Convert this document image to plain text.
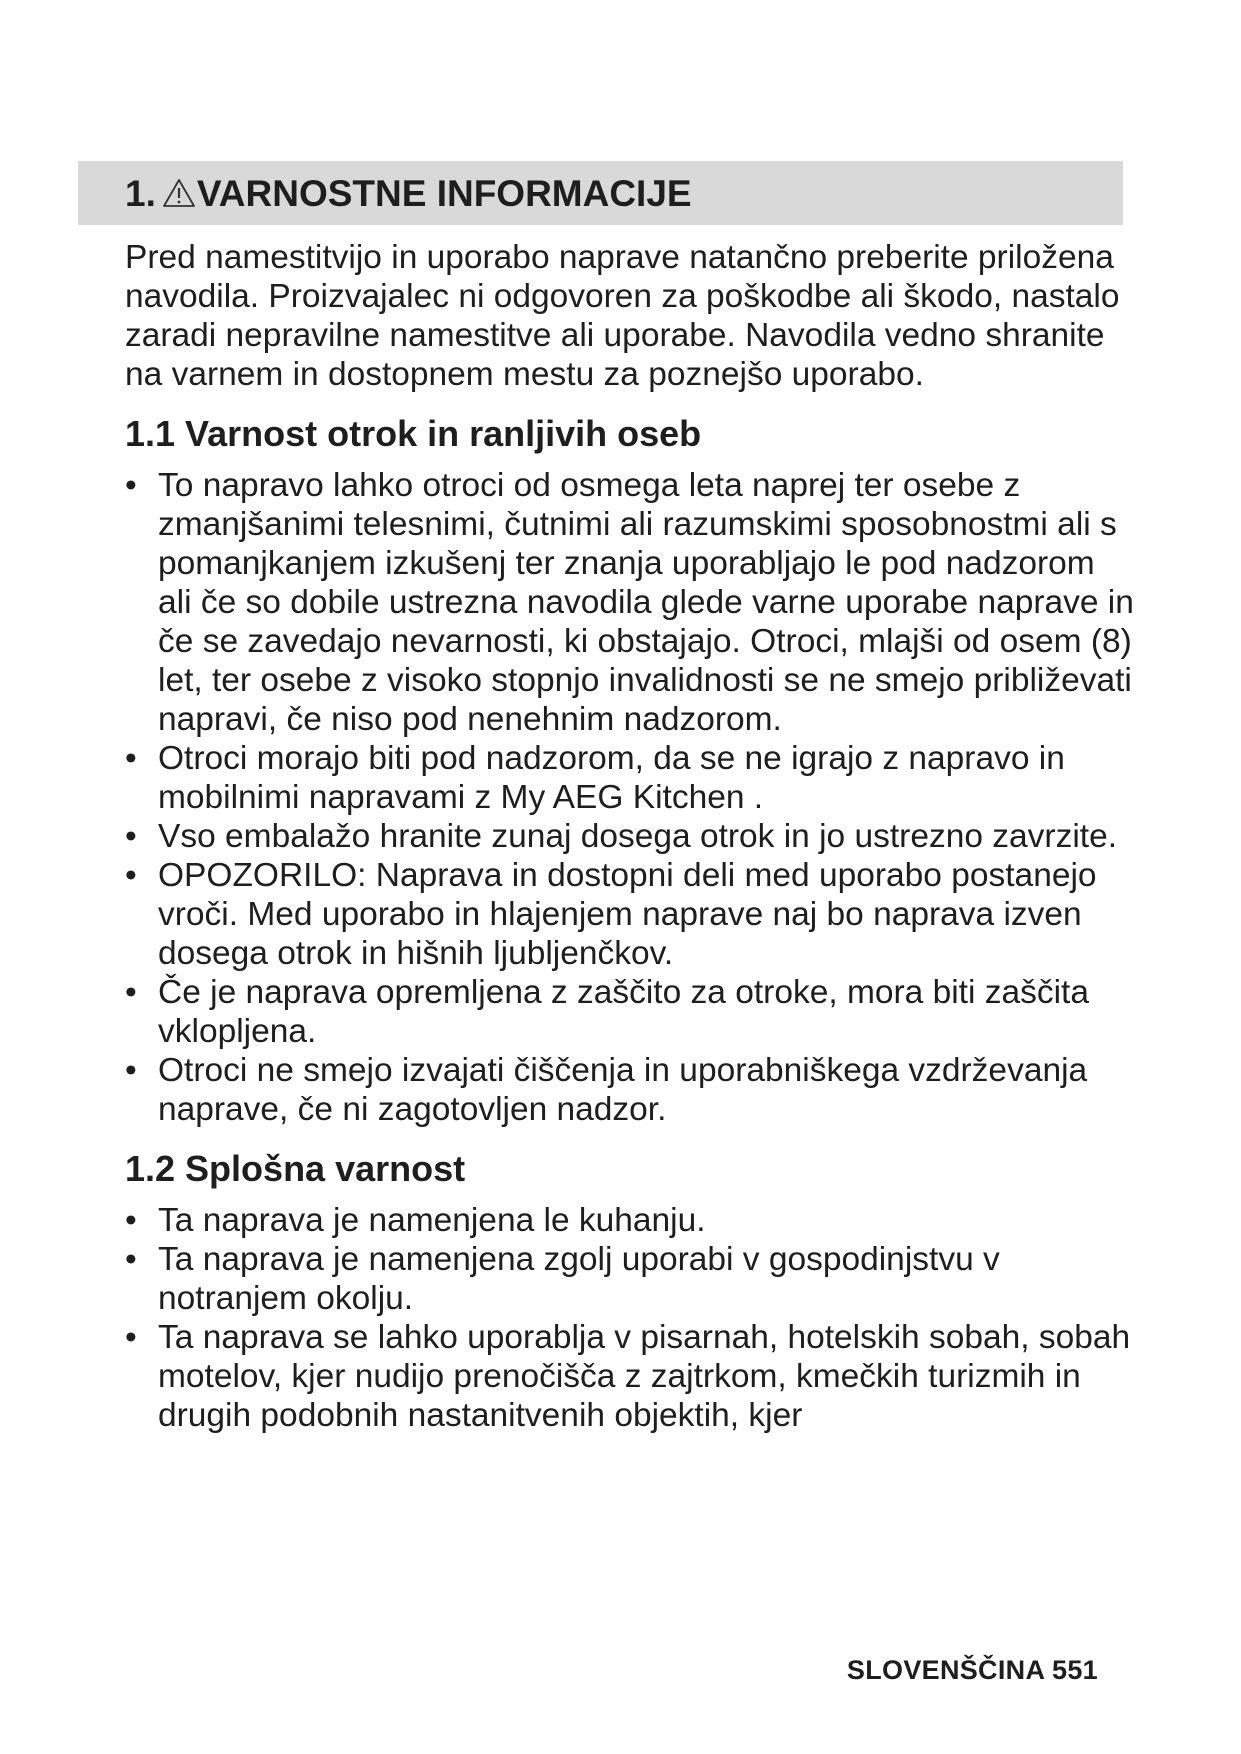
1. VARNOSTNE INFORMACIJE

Pred namestitvijo in uporabo naprave natančno preberite priložena navodila. Proizvajalec ni odgovoren za poškodbe ali škodo, nastalo zaradi nepravilne namestitve ali uporabe. Navodila vedno shranite na varnem in dostopnem mestu za poznejšo uporabo.

1.1 Varnost otrok in ranljivih oseb
• To napravo lahko otroci od osmega leta naprej ter osebe z zmanjšanimi telesnimi, čutnimi ali razumskimi sposobnostmi ali s pomanjkanjem izkušenj ter znanja uporabljajo le pod nadzorom ali če so dobile ustrezna navodila glede varne uporabe naprave in če se zavedajo nevarnosti, ki obstajajo. Otroci, mlajši od osem (8) let, ter osebe z visoko stopnjo invalidnosti se ne smejo približevati napravi, če niso pod nenehnim nadzorom.
• Otroci morajo biti pod nadzorom, da se ne igrajo z napravo in mobilnimi napravami z My AEG Kitchen .
• Vso embalažo hranite zunaj dosega otrok in jo ustrezno zavrzite.
• OPOZORILO: Naprava in dostopni deli med uporabo postanejo vroči. Med uporabo in hlajenjem naprave naj bo naprava izven dosega otrok in hišnih ljubljenčkov.
• Če je naprava opremljena z zaščito za otroke, mora biti zaščita vklopljena.
• Otroci ne smejo izvajati čiščenja in uporabniškega vzdrževanja naprave, če ni zagotovljen nadzor.
1.2 Splošna varnost
• Ta naprava je namenjena le kuhanju.
• Ta naprava je namenjena zgolj uporabi v gospodinjstvu v notranjem okolju.
• Ta naprava se lahko uporablja v pisarnah, hotelskih sobah, sobah motelov, kjer nudijo prenočišča z zajtrkom, kmečkih turizmih in drugih podobnih nastanitvenih objektih, kjer
SLOVENŠČINA 551
